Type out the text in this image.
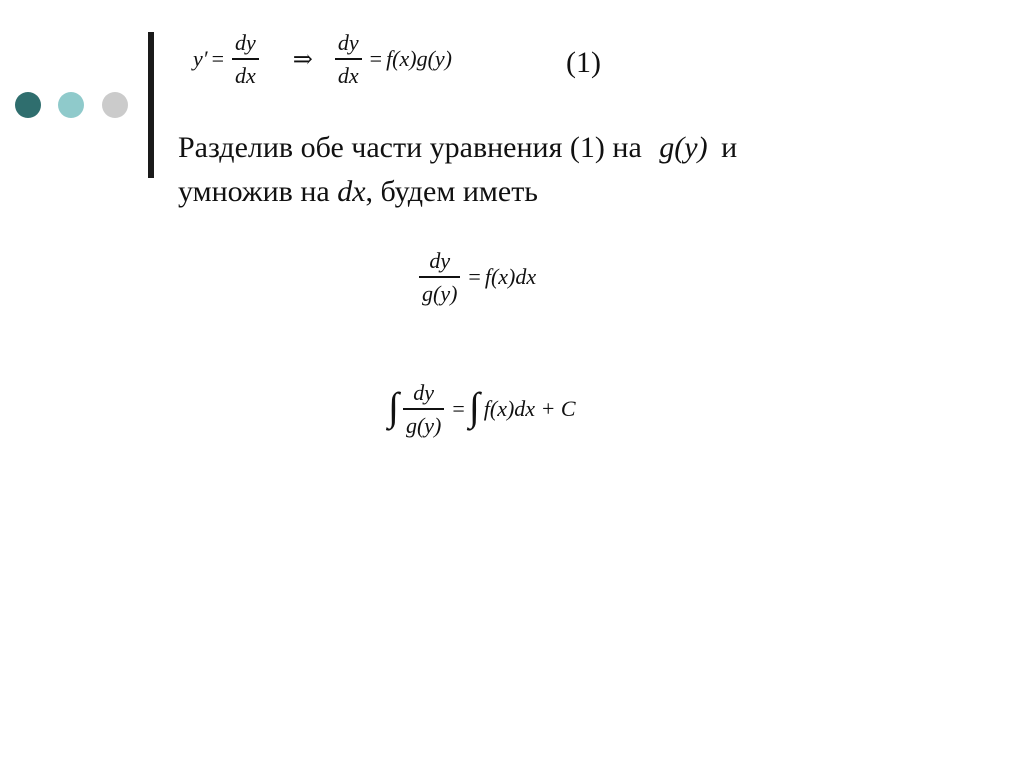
$y' = \frac{dy}{dx}$ ⇒ $\frac{dy}{dx} = f(x)g(y)$	(1)
Разделив обе части уравнения (1) на g(y) и
умножив на dx, будем иметь
$\frac{dy}{g(y)} = f(x)dx$
∫ $\frac{dy}{g(y)}$ = ∫ f(x)dx + C
